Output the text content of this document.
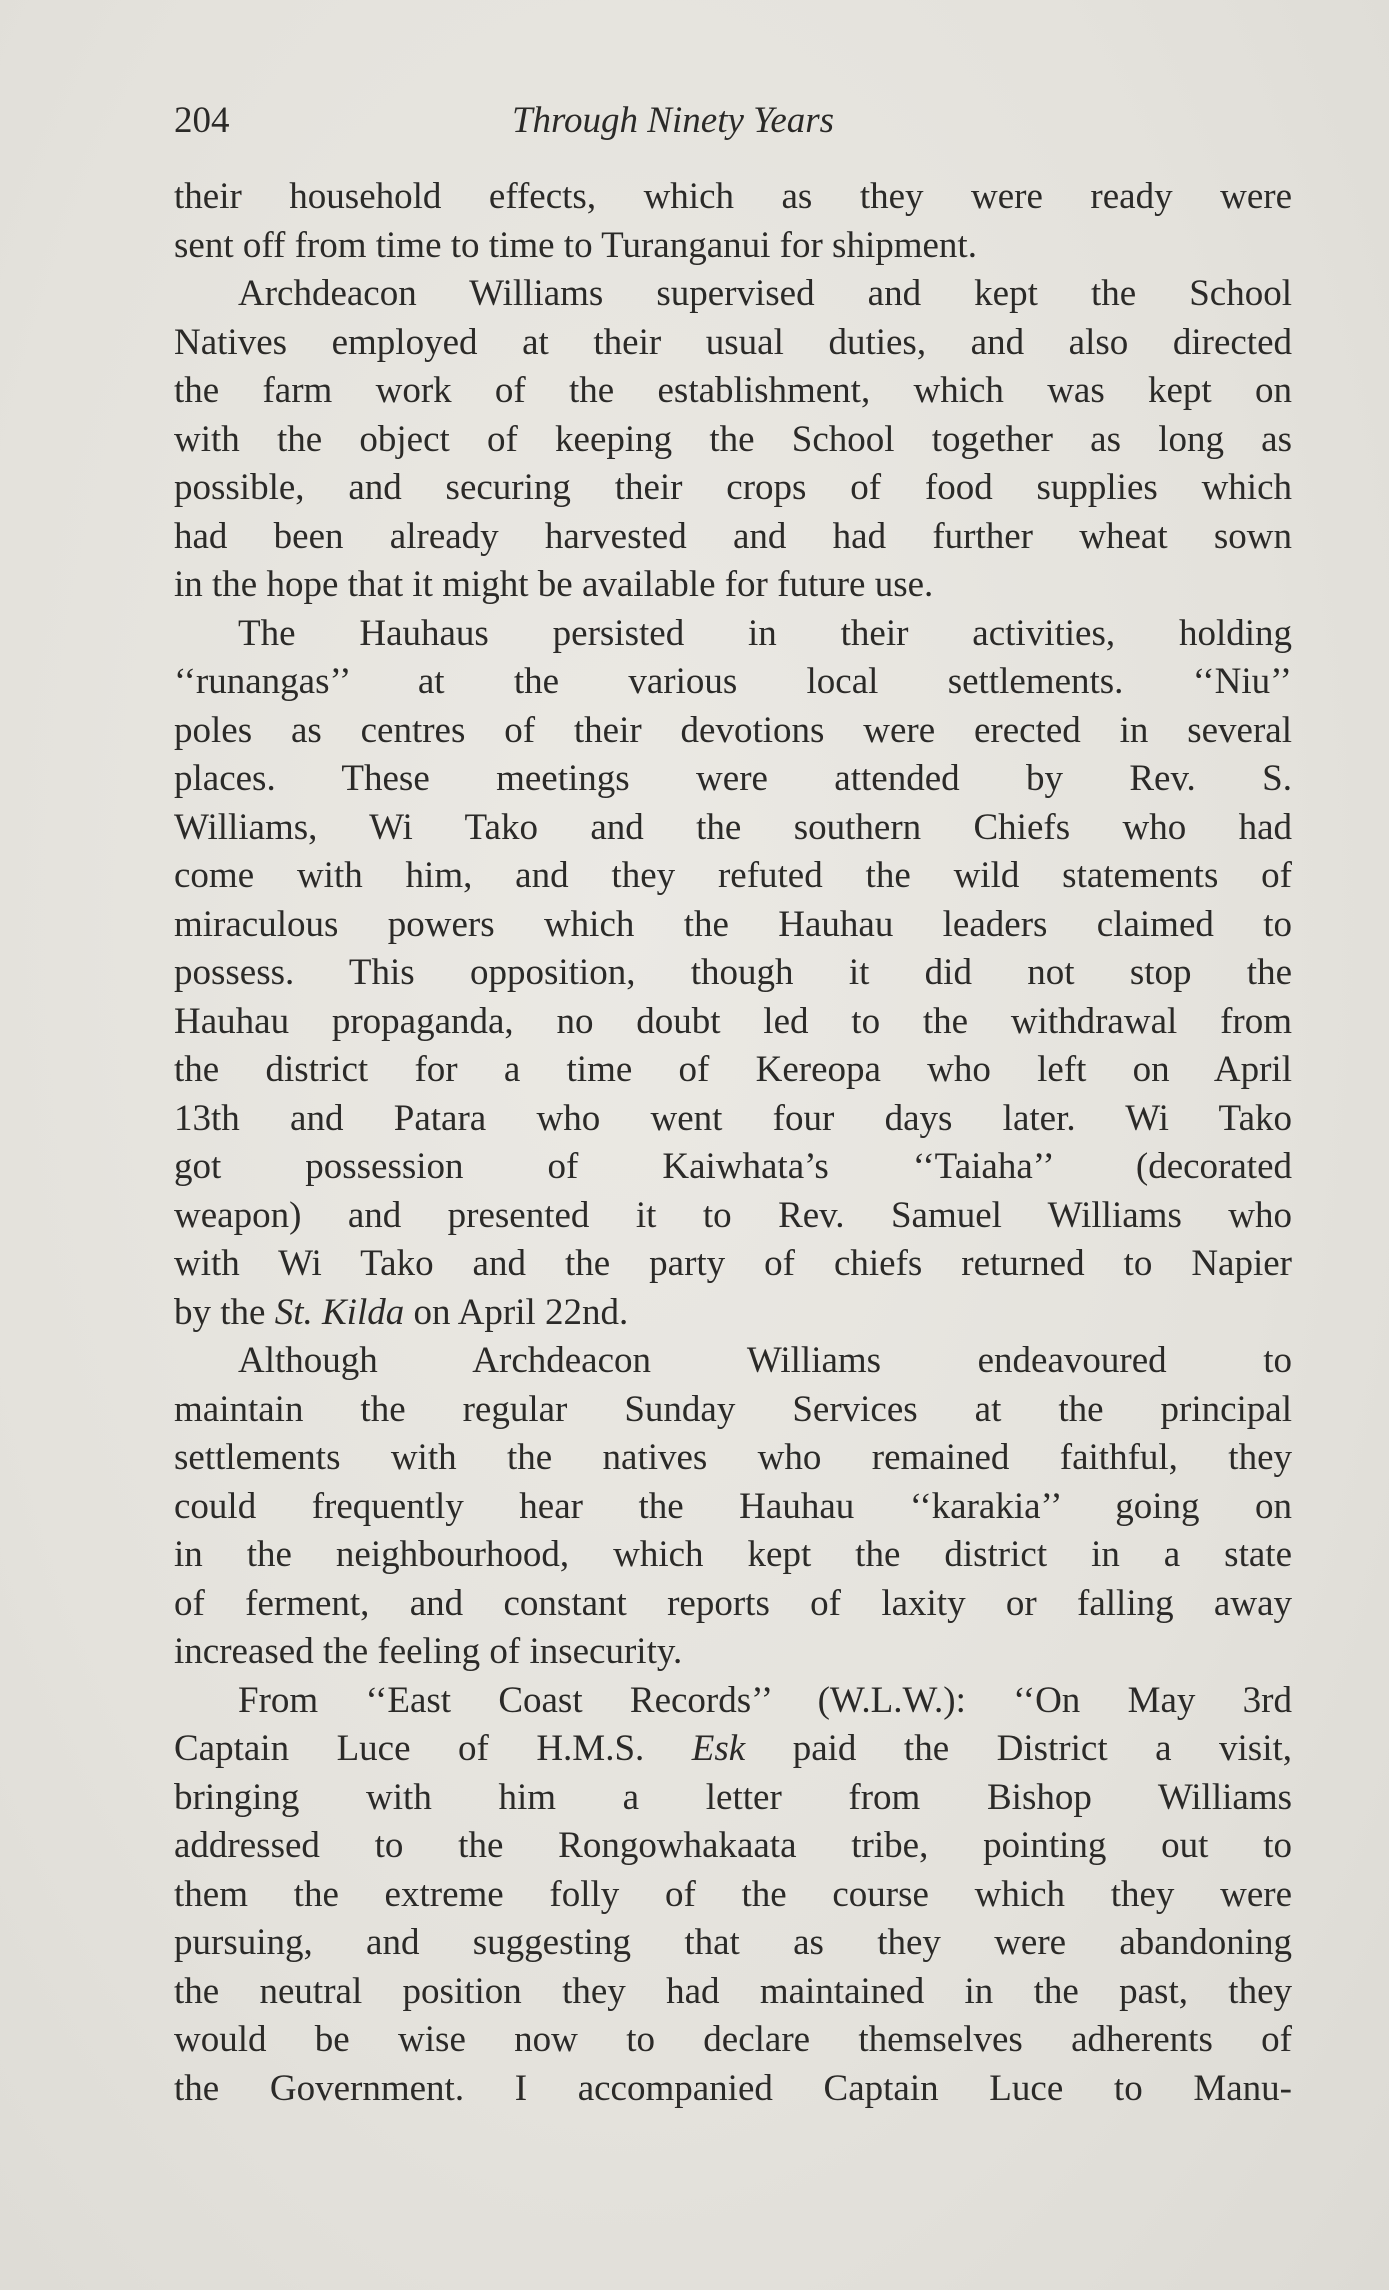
204	Through Ninety Years
their household effects, which as they were ready were
sent off from time to time to Turanganui for shipment.
Archdeacon Williams supervised and kept the School
Natives employed at their usual duties, and also directed
the farm work of the establishment, which was kept on
with the object of keeping the School together as long as
possible, and securing their crops of food supplies which
had been already harvested and had further wheat sown
in the hope that it might be available for future use.
The Hauhaus persisted in their activities, holding
‘‘runangas’’ at the various local settlements. ‘‘Niu’’
poles as centres of their devotions were erected in several
places. These meetings were attended by Rev. S.
Williams, Wi Tako and the southern Chiefs who had
come with him, and they refuted the wild statements of
miraculous powers which the Hauhau leaders claimed to
possess. This opposition, though it did not stop the
Hauhau propaganda, no doubt led to the withdrawal from
the district for a time of Kereopa who left on April
13th and Patara who went four days later. Wi Tako
got possession of Kaiwhata’s ‘‘Taiaha’’ (decorated
weapon) and presented it to Rev. Samuel Williams who
with Wi Tako and the party of chiefs returned to Napier
by the St. Kilda on April 22nd.
Although Archdeacon Williams endeavoured to
maintain the regular Sunday Services at the principal
settlements with the natives who remained faithful, they
could frequently hear the Hauhau ‘‘karakia’’ going on
in the neighbourhood, which kept the district in a state
of ferment, and constant reports of laxity or falling away
increased the feeling of insecurity.
From ‘‘East Coast Records’’ (W.L.W.): ‘‘On May 3rd
Captain Luce of H.M.S. Esk paid the District a visit,
bringing with him a letter from Bishop Williams
addressed to the Rongowhakaata tribe, pointing out to
them the extreme folly of the course which they were
pursuing, and suggesting that as they were abandoning
the neutral position they had maintained in the past, they
would be wise now to declare themselves adherents of
the Government. I accompanied Captain Luce to Manu-
